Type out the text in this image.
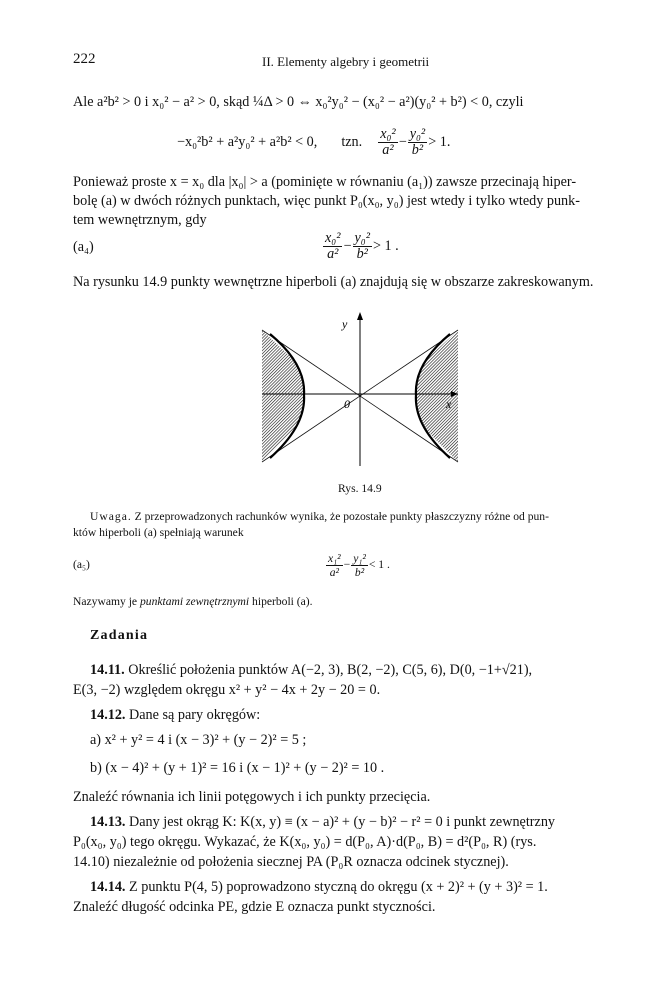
222	II. Elementy algebry i geometrii
Ale a²b² > 0 i x₀² − a² > 0, skąd ¼Δ > 0 ⇔ x₀²y₀² − (x₀² − a²)(y₀² + b²) < 0, czyli
−x₀²b² + a²y₀² + a²b² < 0, tzn. $\frac{\text{x₀²}}{\text{a²}} - \frac{\text{y₀²}}{\text{b²}} > 1$.
Ponieważ proste x = x₀ dla |x₀| > a (pominięte w równaniu (a₁)) zawsze przecinają hiper-
bolę (a) w dwóch różnych punktach, więc punkt P₀(x₀, y₀) jest wtedy i tylko wtedy punk-
tem wewnętrznym, gdy
(a₄)	$\frac{\text{x₀²}}{\text{a²}} - \frac{\text{y₀²}}{\text{b²}} > 1$ .
Na rysunku 14.9 punkty wewnętrzne hiperboli (a) znajdują się w obszarze zakreskowanym.
y
x
0
Rys. 14.9
Uwaga. Z przeprowadzonych rachunków wynika, że pozostałe punkty płaszczyzny różne od pun-
któw hiperboli (a) spełniają warunek
(a₅)	$\frac{\text{x₁²}}{\text{a²}} - \frac{\text{y₁²}}{\text{b²}} < 1$ .
Nazywamy je punktami zewnętrznymi hiperboli (a).
Zadania
14.11. Określić położenia punktów A(−2, 3), B(2, −2), C(5, 6), D(0, −1+√21),
E(3, −2) względem okręgu x² + y² − 4x + 2y − 20 = 0.
14.12. Dane są pary okręgów:
a) x² + y² = 4 i (x − 3)² + (y − 2)² = 5 ;
b) (x − 4)² + (y + 1)² = 16 i (x − 1)² + (y − 2)² = 10 .
Znaleźć równania ich linii potęgowych i ich punkty przecięcia.
14.13. Dany jest okrąg K: K(x, y) ≡ (x − a)² + (y − b)² − r² = 0 i punkt zewnętrzny
P₀(x₀, y₀) tego okręgu. Wykazać, że K(x₀, y₀) = d(P₀, A)·d(P₀, B) = d²(P₀, R) (rys.
14.10) niezależnie od położenia siecznej PA (P₀R oznacza odcinek stycznej).
14.14. Z punktu P(4, 5) poprowadzono styczną do okręgu (x + 2)² + (y + 3)² = 1.
Znaleźć długość odcinka PE, gdzie E oznacza punkt styczności.
